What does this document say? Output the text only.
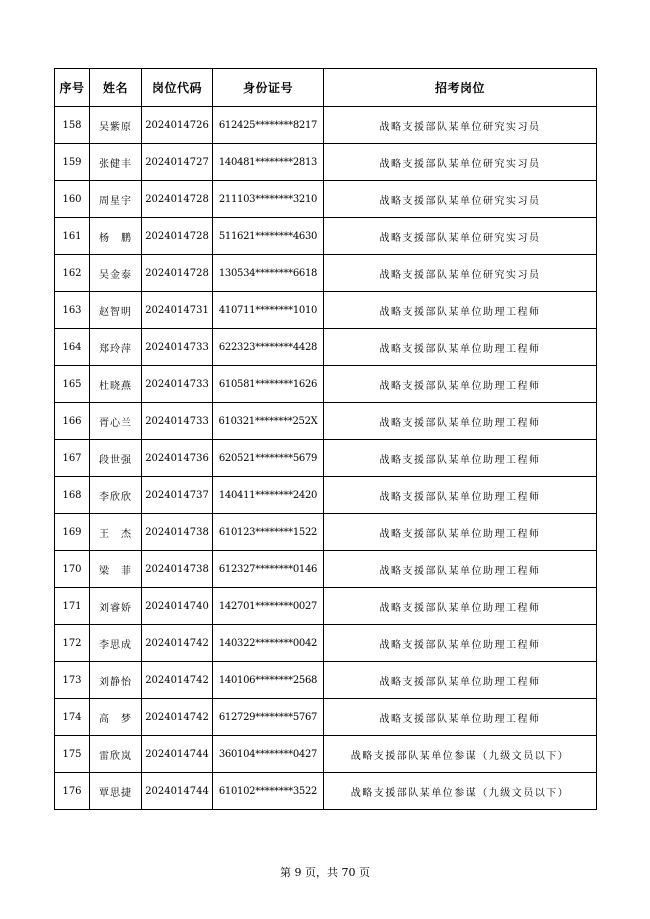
序号	姓名	岗位代码	身份证号	招考岗位
158	吴紫原	2024014726	612425********8217	战略支援部队某单位研究实习员
159	张健丰	2024014727	140481********2813	战略支援部队某单位研究实习员
160	周星宇	2024014728	211103********3210	战略支援部队某单位研究实习员
161	杨　鹏	2024014728	511621********4630	战略支援部队某单位研究实习员
162	吴金泰	2024014728	130534********6618	战略支援部队某单位研究实习员
163	赵智明	2024014731	410711********1010	战略支援部队某单位助理工程师
164	郑玲萍	2024014733	622323********4428	战略支援部队某单位助理工程师
165	杜晓燕	2024014733	610581********1626	战略支援部队某单位助理工程师
166	胥心兰	2024014733	610321********252X	战略支援部队某单位助理工程师
167	段世强	2024014736	620521********5679	战略支援部队某单位助理工程师
168	李欣欣	2024014737	140411********2420	战略支援部队某单位助理工程师
169	王　杰	2024014738	610123********1522	战略支援部队某单位助理工程师
170	梁　菲	2024014738	612327********0146	战略支援部队某单位助理工程师
171	刘睿娇	2024014740	142701********0027	战略支援部队某单位助理工程师
172	李思成	2024014742	140322********0042	战略支援部队某单位助理工程师
173	刘静怡	2024014742	140106********2568	战略支援部队某单位助理工程师
174	高　梦	2024014742	612729********5767	战略支援部队某单位助理工程师
175	雷欣岚	2024014744	360104********0427	战略支援部队某单位参谋（九级文员以下）
176	覃思捷	2024014744	610102********3522	战略支援部队某单位参谋（九级文员以下）
第 9 页，共 70 页
